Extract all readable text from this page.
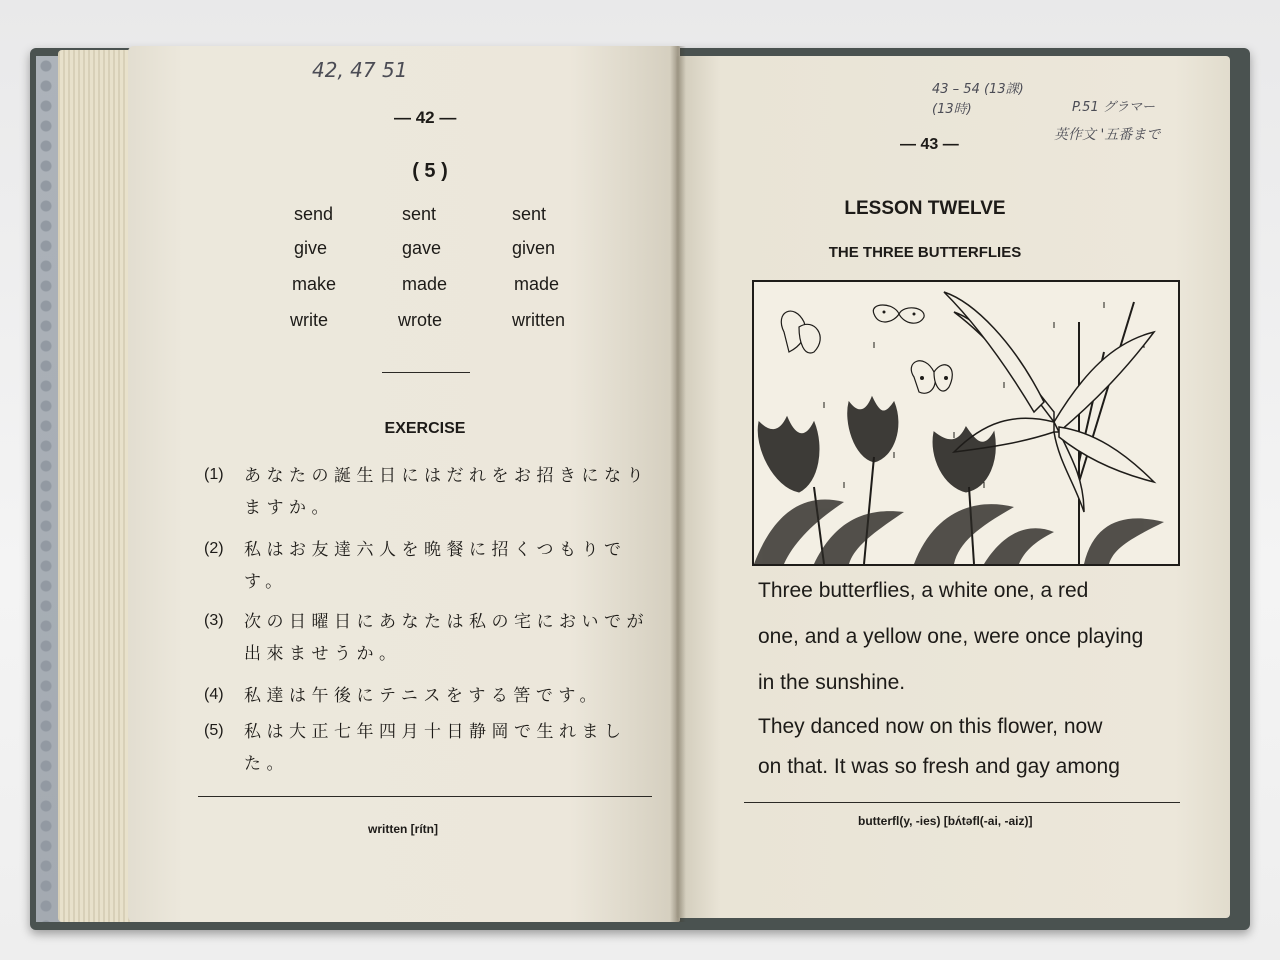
42, 47 51
— 42 —
( 5 )
send	sent	sent
give	gave	given
make	made	made
write	wrote	written
EXERCISE
(1) あなたの誕生日にはだれをお招きになりますか。
(2) 私はお友達六人を晩餐に招くつもりです。
(3) 次の日曜日にあなたは私の宅においでが出來ませうか。
(4) 私達は午後にテニスをする筈です。
(5) 私は大正七年四月十日静岡で生れました。
written [rítn]
43 – 54 (13課)
(13時)	P.51 グラマー
英作文 '五番まで
— 43 —
LESSON TWELVE
THE THREE BUTTERFLIES
Three butterflies, a white one, a red
one, and a yellow one, were once playing
in the sunshine.
They danced now on this flower, now
on that. It was so fresh and gay among
butterfl(y, -ies) [bʌ́təfl(-ai, -aiz)]
